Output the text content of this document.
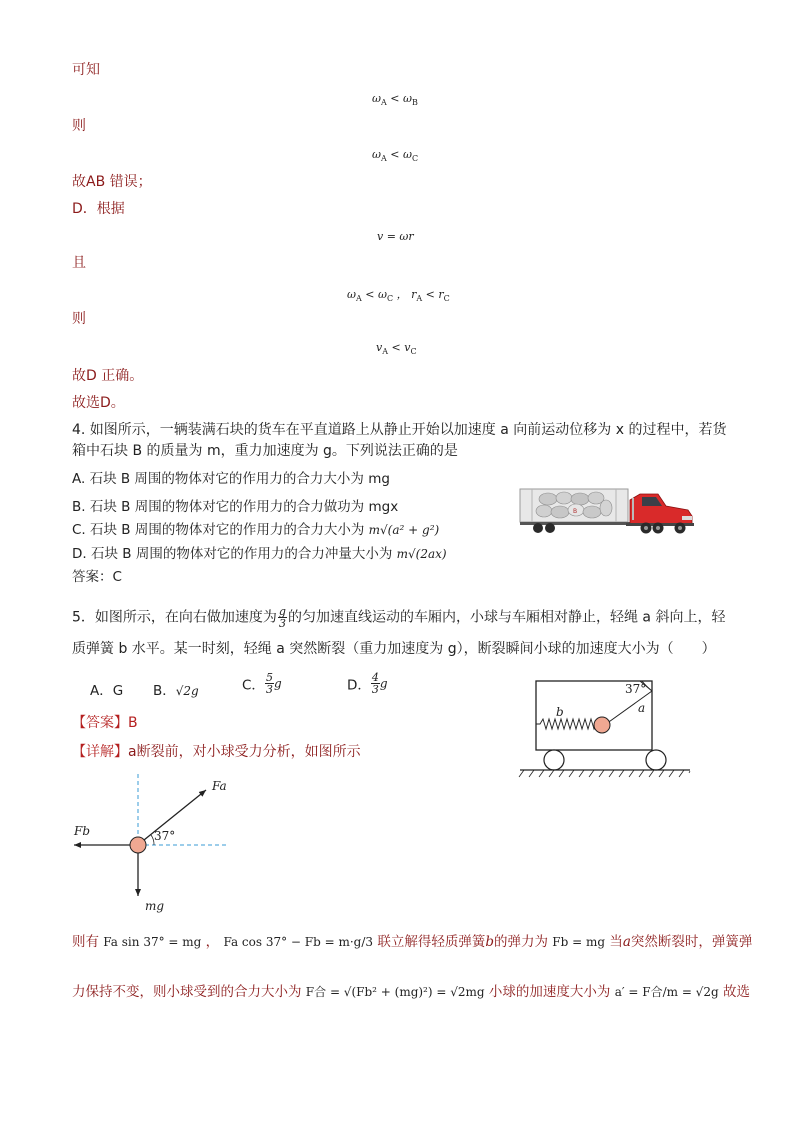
可知
$\omega_A < \omega_B$
则
$\omega_A < \omega_C$
故AB 错误；
D．根据
v = ωr
且
$\omega_A < \omega_C$ ， $r_A < r_C$
则
$v_A < v_C$
故D 正确。
故选D。
4. 如图所示，一辆装满石块的货车在平直道路上从静止开始以加速度 a 向前运动位移为 x 的过程中，若货
箱中石块 B 的质量为 m，重力加速度为 g。下列说法正确的是
A. 石块 B 周围的物体对它的作用力的合力大小为 mg
B. 石块 B 周围的物体对它的作用力的合力做功为 mgx
C. 石块 B 周围的物体对它的作用力的合力大小为 m√(a² + g²)
D. 石块 B 周围的物体对它的作用力的合力冲量大小为 m√(2ax)
答案：C
B
5．如图所示，在向右做加速度为 $\frac{g}{3}$ 的匀加速直线运动的车厢内，小球与车厢相对静止，轻绳 a 斜向上，轻
质弹簧 b 水平。某一时刻，轻绳 a 突然断裂（重力加速度为 g），断裂瞬间小球的加速度大小为（　　）
A．G B．√2g	C． $\frac{5}{3}$ g	D． $\frac{4}{3}$ g	37°
a
b
【答案】B
【详解】a断裂前，对小球受力分析，如图所示
Fa
Fb
mg
37°
则有 Fa sin 37° = mg ， Fa cos 37° − Fb = m·g/3 联立解得轻质弹簧b的弹力为 Fb = mg 当a突然断裂时，弹簧弹
力保持不变，则小球受到的合力大小为 F合 = √(Fb² + (mg)²) = √2mg 小球的加速度大小为 a′ = F合/m = √2g 故选
